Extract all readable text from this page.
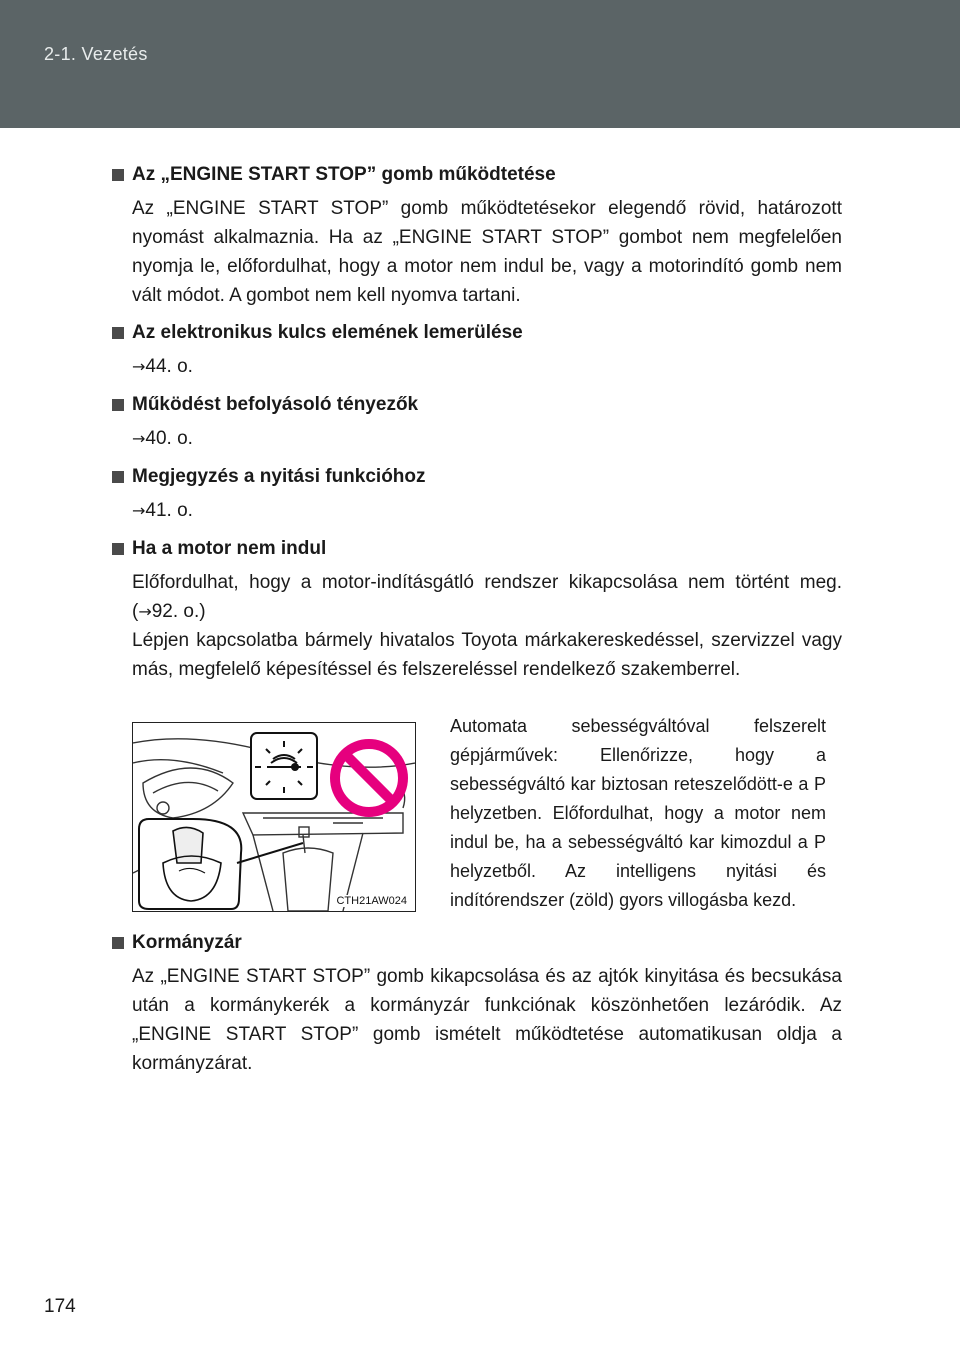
2-1. Vezetés
Az „ENGINE START STOP” gomb működtetése

Az „ENGINE START STOP” gomb működtetésekor elegendő rövid, határozott nyomást alkalmaznia. Ha az „ENGINE START STOP” gombot nem megfelelően nyomja le, előfordulhat, hogy a motor nem indul be, vagy a motorindító gomb nem vált módot. A gombot nem kell nyomva tartani.

Az elektronikus kulcs elemének lemerülése
→44. o.
Működést befolyásoló tényezők
→40. o.
Megjegyzés a nyitási funkcióhoz
→41. o.
Ha a motor nem indul

Előfordulhat, hogy a motor-indításgátló rendszer kikapcsolása nem történt meg. (→92. o.)

Lépjen kapcsolatba bármely hivatalos Toyota márkakereskedéssel, szervizzel vagy más, megfelelő képesítéssel és felszereléssel rendelkező szakemberrel.

CTH21AW024
Automata sebességváltóval felszerelt gépjárművek: Ellenőrizze, hogy a sebességváltó kar biztosan reteszelődött-e a P helyzetben. Előfordulhat, hogy a motor nem indul be, ha a sebességváltó kar kimozdul a P helyzetből. Az intelligens nyitási és indítórendszer (zöld) gyors villogásba kezd.
Kormányzár

Az „ENGINE START STOP” gomb kikapcsolása és az ajtók kinyitása és becsukása után a kormánykerék a kormányzár funkciónak köszönhetően lezáródik. Az „ENGINE START STOP” gomb ismételt működtetése automatikusan oldja a kormányzárat.

174
